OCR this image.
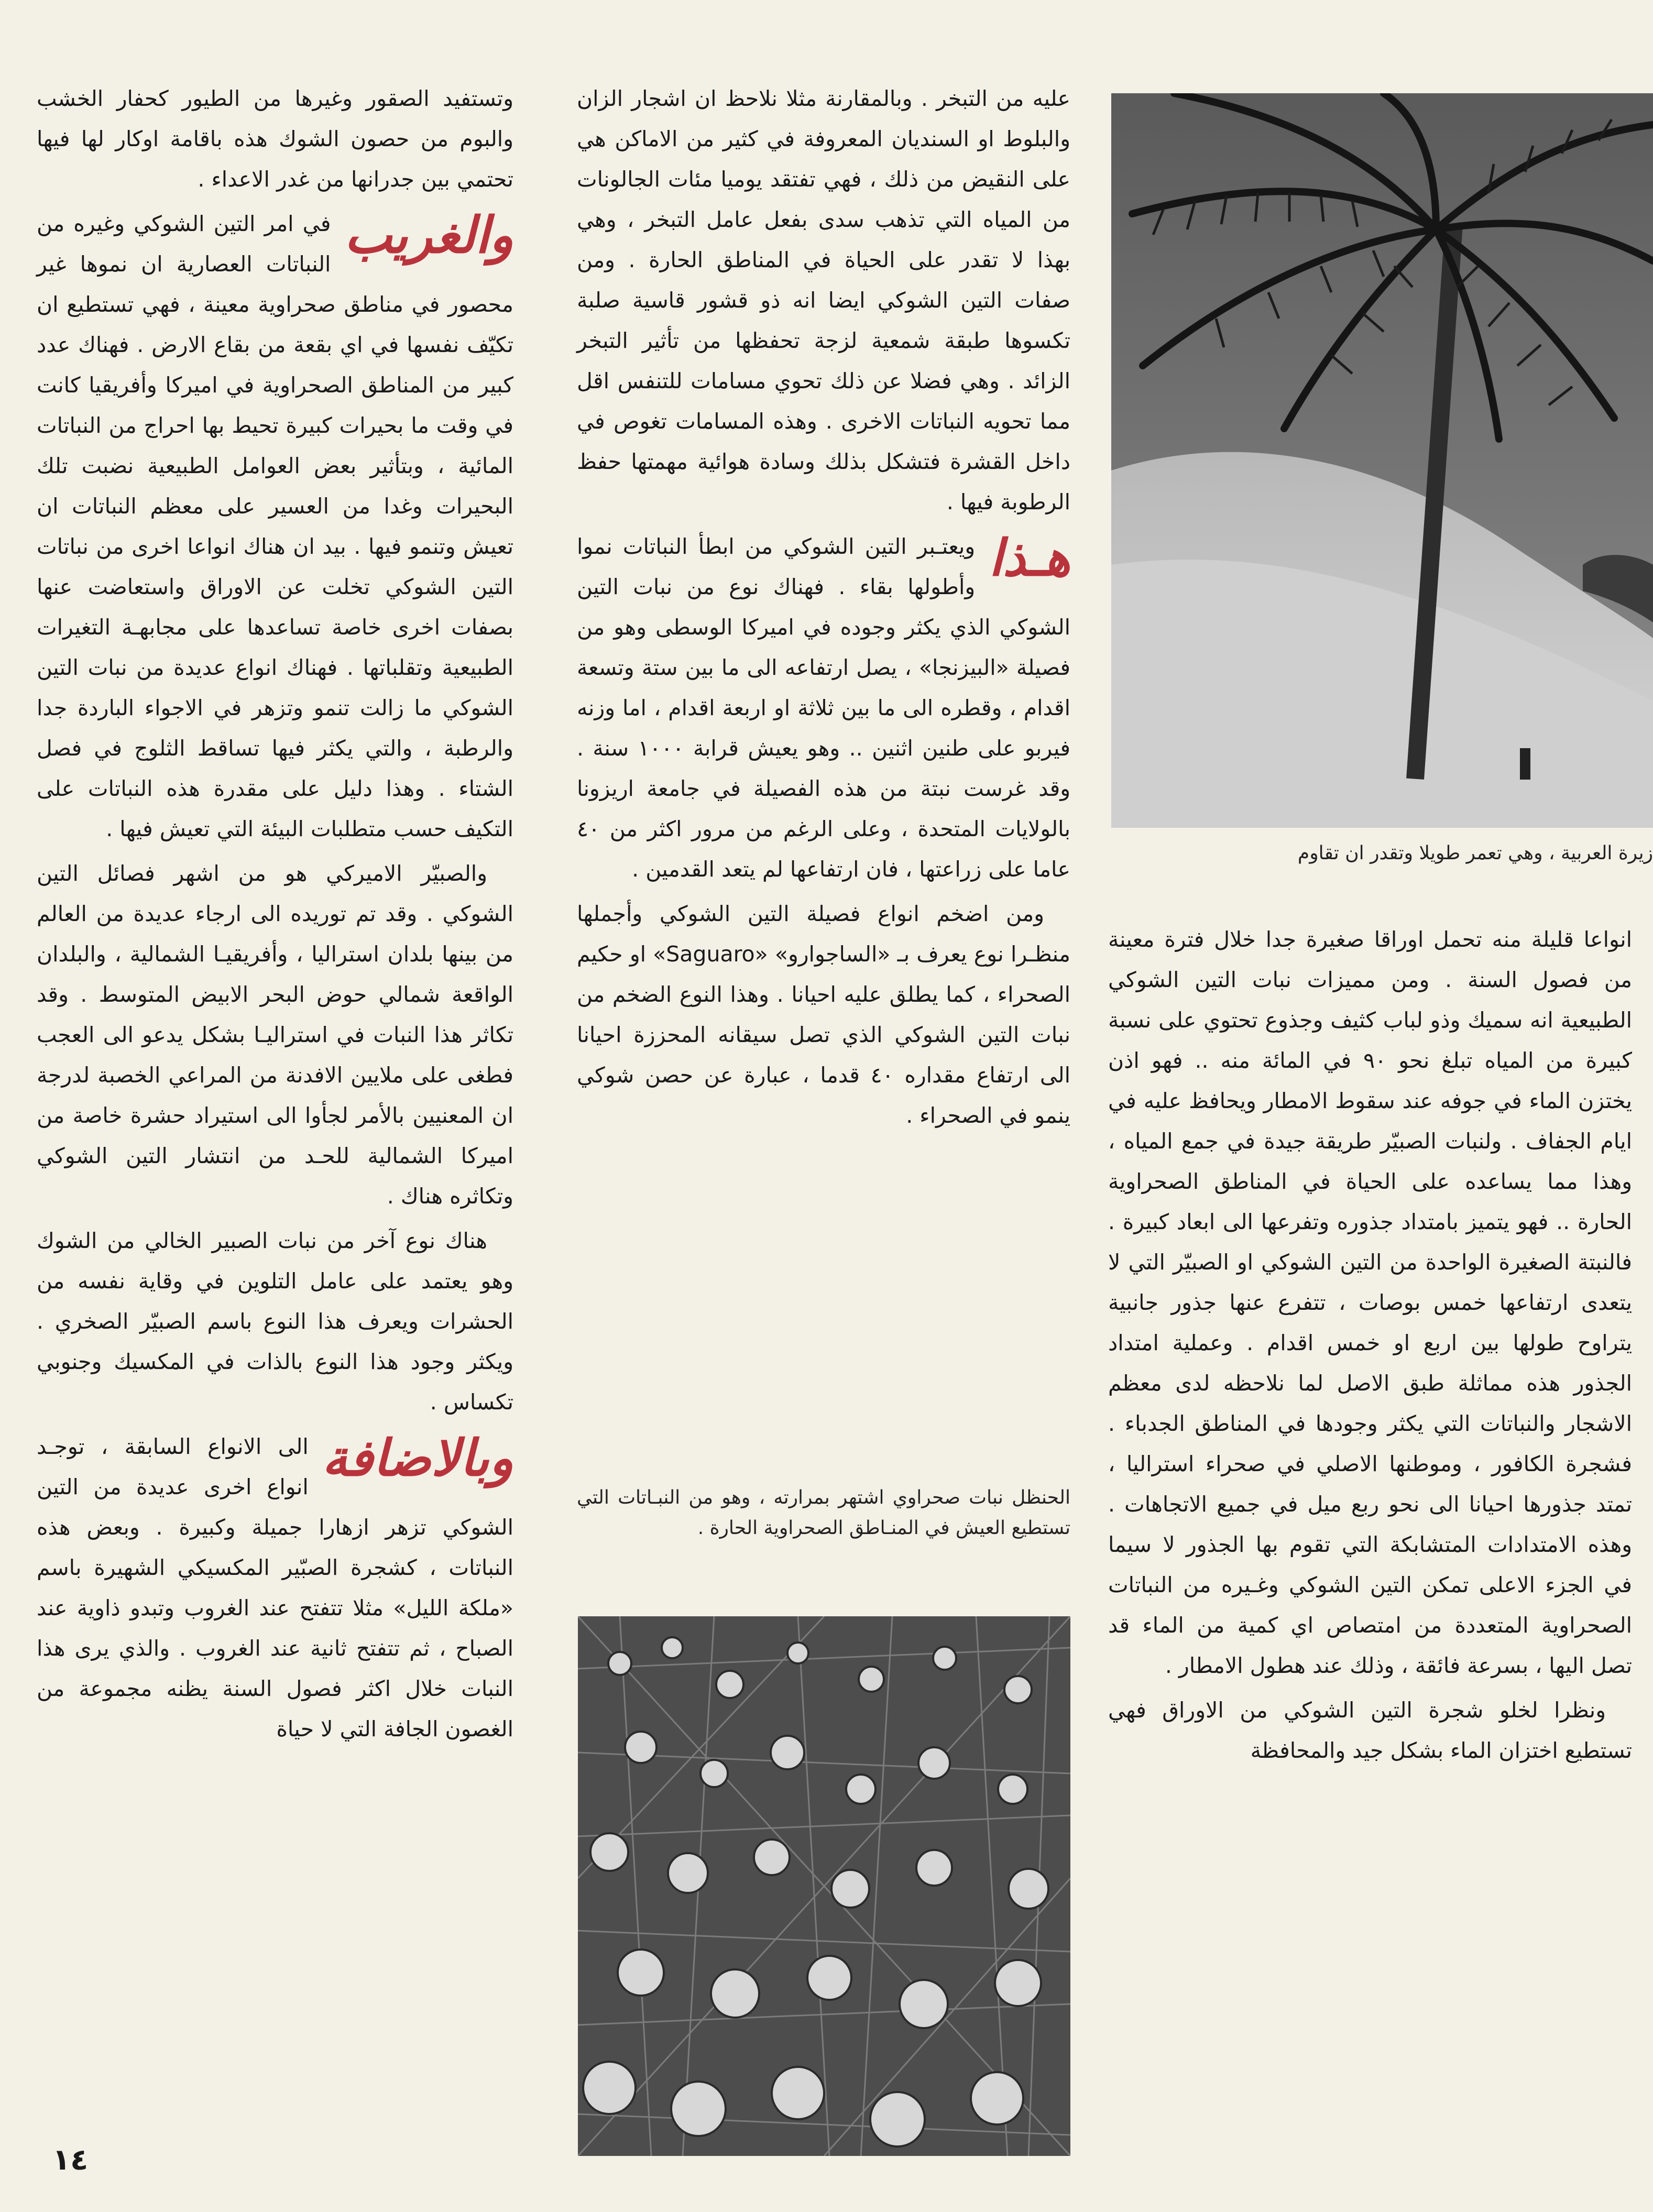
زيرة العربية ، وهي تعمر طويلا وتقدر ان تقاوم

انواعا قليلة منه تحمل اوراقا صغيرة جدا خلال فترة معينة من فصول السنة . ومن مميزات نبات التين الشوكي الطبيعية انه سميك وذو لباب كثيف وجذوع تحتوي على نسبة كبيرة من المياه تبلغ نحو ٩٠ في المائة منه .. فهو اذن يختزن الماء في جوفه عند سقوط الامطار ويحافظ عليه في ايام الجفاف . ولنبات الصبيّر طريقة جيدة في جمع المياه ، وهذا مما يساعده على الحياة في المناطق الصحراوية الحارة .. فهو يتميز بامتداد جذوره وتفرعها الى ابعاد كبيرة . فالنبتة الصغيرة الواحدة من التين الشوكي او الصبيّر التي لا يتعدى ارتفاعها خمس بوصات ، تتفرع عنها جذور جانبية يتراوح طولها بين اربع او خمس اقدام . وعملية امتداد الجذور هذه مماثلة طبق الاصل لما نلاحظه لدى معظم الاشجار والنباتات التي يكثر وجودها في المناطق الجدباء . فشجرة الكافور ، وموطنها الاصلي في صحراء استراليا ، تمتد جذورها احيانا الى نحو ربع ميل في جميع الاتجاهات . وهذه الامتدادات المتشابكة التي تقوم بها الجذور لا سيما في الجزء الاعلى تمكن التين الشوكي وغـيره من النباتات الصحراوية المتعددة من امتصاص اي كمية من الماء قد تصل اليها ، بسرعة فائقة ، وذلك عند هطول الامطار .

ونظرا لخلو شجرة التين الشوكي من الاوراق فهي تستطيع اختزان الماء بشكل جيد والمحافظة

عليه من التبخر . وبالمقارنة مثلا نلاحظ ان اشجار الزان والبلوط او السنديان المعروفة في كثير من الاماكن هي على النقيض من ذلك ، فهي تفتقد يوميا مئات الجالونات من المياه التي تذهب سدى بفعل عامل التبخر ، وهي بهذا لا تقدر على الحياة في المناطق الحارة . ومن صفات التين الشوكي ايضا انه ذو قشور قاسية صلبة تكسوها طبقة شمعية لزجة تحفظها من تأثير التبخر الزائد . وهي فضلا عن ذلك تحوي مسامات للتنفس اقل مما تحويه النباتات الاخرى . وهذه المسامات تغوص في داخل القشرة فتشكل بذلك وسادة هوائية مهمتها حفظ الرطوبة فيها .

هـذا
ويعتـبر التين الشوكي من ابطأ النباتات نموا وأطولها بقاء . فهناك نوع من نبات التين الشوكي الذي يكثر وجوده في اميركا الوسطى وهو من فصيلة «البيزنجا» ، يصل ارتفاعه الى ما بين ستة وتسعة اقدام ، وقطره الى ما بين ثلاثة او اربعة اقدام ، اما وزنه فيربو على طنين اثنين .. وهو يعيش قرابة ١٠٠٠ سنة . وقد غرست نبتة من هذه الفصيلة في جامعة اريزونا بالولايات المتحدة ، وعلى الرغم من مرور اكثر من ٤٠ عاما على زراعتها ، فان ارتفاعها لم يتعد القدمين .

ومن اضخم انواع فصيلة التين الشوكي وأجملها منظـرا نوع يعرف بـ «الساجوارو» «Saguaro» او حكيم الصحراء ، كما يطلق عليه احيانا . وهذا النوع الضخم من نبات التين الشوكي الذي تصل سيقانه المحززة احيانا الى ارتفاع مقداره ٤٠ قدما ، عبارة عن حصن شوكي ينمو في الصحراء .

الحنظل نبات صحراوي اشتهر بمرارته ، وهو من النبـاتات التي تستطيع العيش في المنـاطق الصحراوية الحارة .

وتستفيد الصقور وغيرها من الطيور كحفار الخشب والبوم من حصون الشوك هذه باقامة اوكار لها فيها تحتمي بين جدرانها من غدر الاعداء .

والغريب
في امر التين الشوكي وغيره من النباتات العصارية ان نموها غير محصور في مناطق صحراوية معينة ، فهي تستطيع ان تكيّف نفسها في اي بقعة من بقاع الارض . فهناك عدد كبير من المناطق الصحراوية في اميركا وأفريقيا كانت في وقت ما بحيرات كبيرة تحيط بها احراج من النباتات المائية ، وبتأثير بعض العوامل الطبيعية نضبت تلك البحيرات وغدا من العسير على معظم النباتات ان تعيش وتنمو فيها . بيد ان هناك انواعا اخرى من نباتات التين الشوكي تخلت عن الاوراق واستعاضت عنها بصفات اخرى خاصة تساعدها على مجابهـة التغيرات الطبيعية وتقلباتها . فهناك انواع عديدة من نبات التين الشوكي ما زالت تنمو وتزهر في الاجواء الباردة جدا والرطبة ، والتي يكثر فيها تساقط الثلوج في فصل الشتاء . وهذا دليل على مقدرة هذه النباتات على التكيف حسب متطلبات البيئة التي تعيش فيها .

والصبيّر الاميركي هو من اشهر فصائل التين الشوكي . وقد تم توريده الى ارجاء عديدة من العالم من بينها بلدان استراليا ، وأفريقيـا الشمالية ، والبلدان الواقعة شمالي حوض البحر الابيض المتوسط . وقد تكاثر هذا النبات في استراليـا بشكل يدعو الى العجب فطغى على ملايين الافدنة من المراعي الخصبة لدرجة ان المعنيين بالأمر لجأوا الى استيراد حشرة خاصة من اميركا الشمالية للحـد من انتشار التين الشوكي وتكاثره هناك .

هناك نوع آخر من نبات الصبير الخالي من الشوك وهو يعتمد على عامل التلوين في وقاية نفسه من الحشرات ويعرف هذا النوع باسم الصبيّر الصخري . ويكثر وجود هذا النوع بالذات في المكسيك وجنوبي تكساس .

وبالاضافة
الى الانواع السابقة ، توجـد انواع اخرى عديدة من التين الشوكي تزهر ازهارا جميلة وكبيرة . وبعض هذه النباتات ، كشجرة الصبّير المكسيكي الشهيرة باسم «ملكة الليل» مثلا تتفتح عند الغروب وتبدو ذاوية عند الصباح ، ثم تتفتح ثانية عند الغروب . والذي يرى هذا النبات خلال اكثر فصول السنة يظنه مجموعة من الغصون الجافة التي لا حياة

١٤
